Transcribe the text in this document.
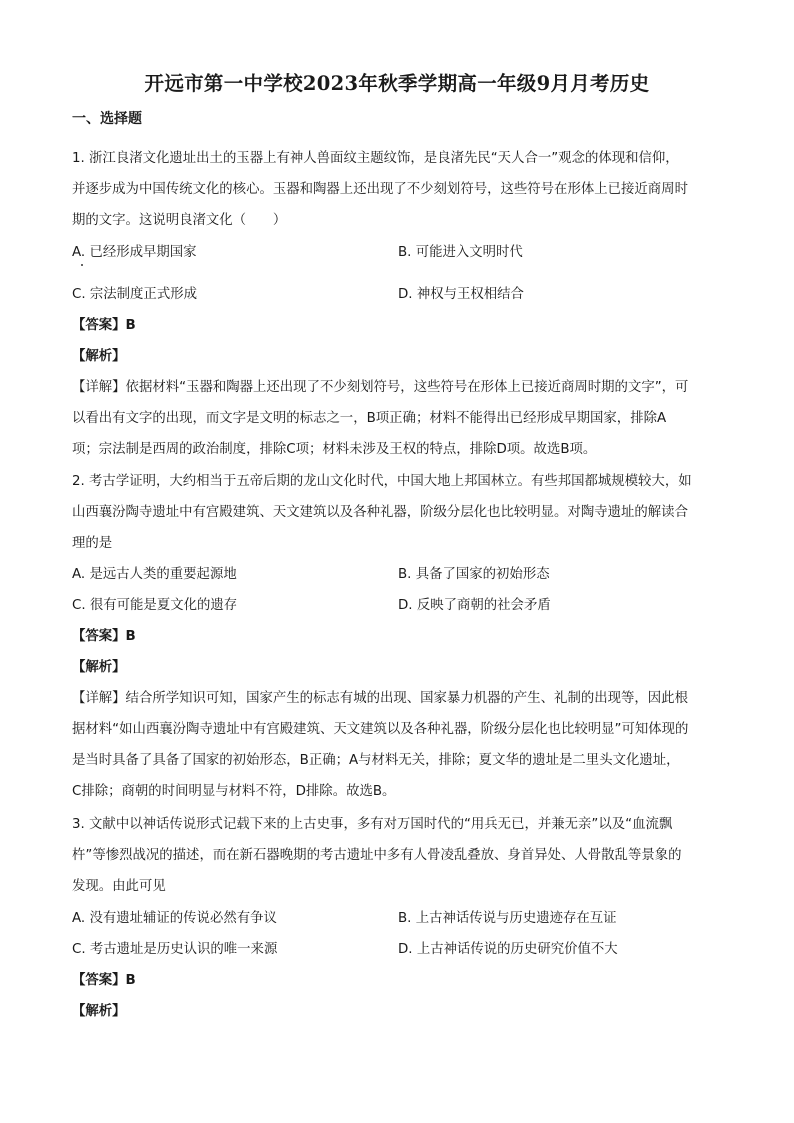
开远市第一中学校2023年秋季学期高一年级9月月考历史
一、选择题
1. 浙江良渚文化遗址出土的玉器上有神人兽面纹主题纹饰，是良渚先民“天人合一”观念的体现和信仰，
并逐步成为中国传统文化的核心。玉器和陶器上还出现了不少刻划符号，这些符号在形体上已接近商周时
期的文字。这说明良渚文化（　　）
A. 已经形成早期国家	B. 可能进入文明时代
C. 宗法制度正式形成	D. 神权与王权相结合
【答案】B
【解析】
【详解】依据材料“玉器和陶器上还出现了不少刻划符号，这些符号在形体上已接近商周时期的文字”，可
以看出有文字的出现，而文字是文明的标志之一，B项正确；材料不能得出已经形成早期国家，排除A
项；宗法制是西周的政治制度，排除C项；材料未涉及王权的特点，排除D项。故选B项。
2. 考古学证明，大约相当于五帝后期的龙山文化时代，中国大地上邦国林立。有些邦国都城规模较大，如
山西襄汾陶寺遗址中有宫殿建筑、天文建筑以及各种礼器，阶级分层化也比较明显。对陶寺遗址的解读合
理的是
A. 是远古人类的重要起源地	B. 具备了国家的初始形态
C. 很有可能是夏文化的遗存	D. 反映了商朝的社会矛盾
【答案】B
【解析】
【详解】结合所学知识可知，国家产生的标志有城的出现、国家暴力机器的产生、礼制的出现等，因此根
据材料“如山西襄汾陶寺遗址中有宫殿建筑、天文建筑以及各种礼器，阶级分层化也比较明显”可知体现的
是当时具备了具备了国家的初始形态，B正确；A与材料无关，排除；夏文华的遗址是二里头文化遗址，
C排除；商朝的时间明显与材料不符，D排除。故选B。
3. 文献中以神话传说形式记载下来的上古史事，多有对万国时代的“用兵无已，并兼无亲”以及“血流飘
杵”等惨烈战况的描述，而在新石器晚期的考古遗址中多有人骨凌乱叠放、身首异处、人骨散乱等景象的
发现。由此可见
A. 没有遗址辅证的传说必然有争议	B. 上古神话传说与历史遗迹存在互证
C. 考古遗址是历史认识的唯一来源	D. 上古神话传说的历史研究价值不大
【答案】B
【解析】
